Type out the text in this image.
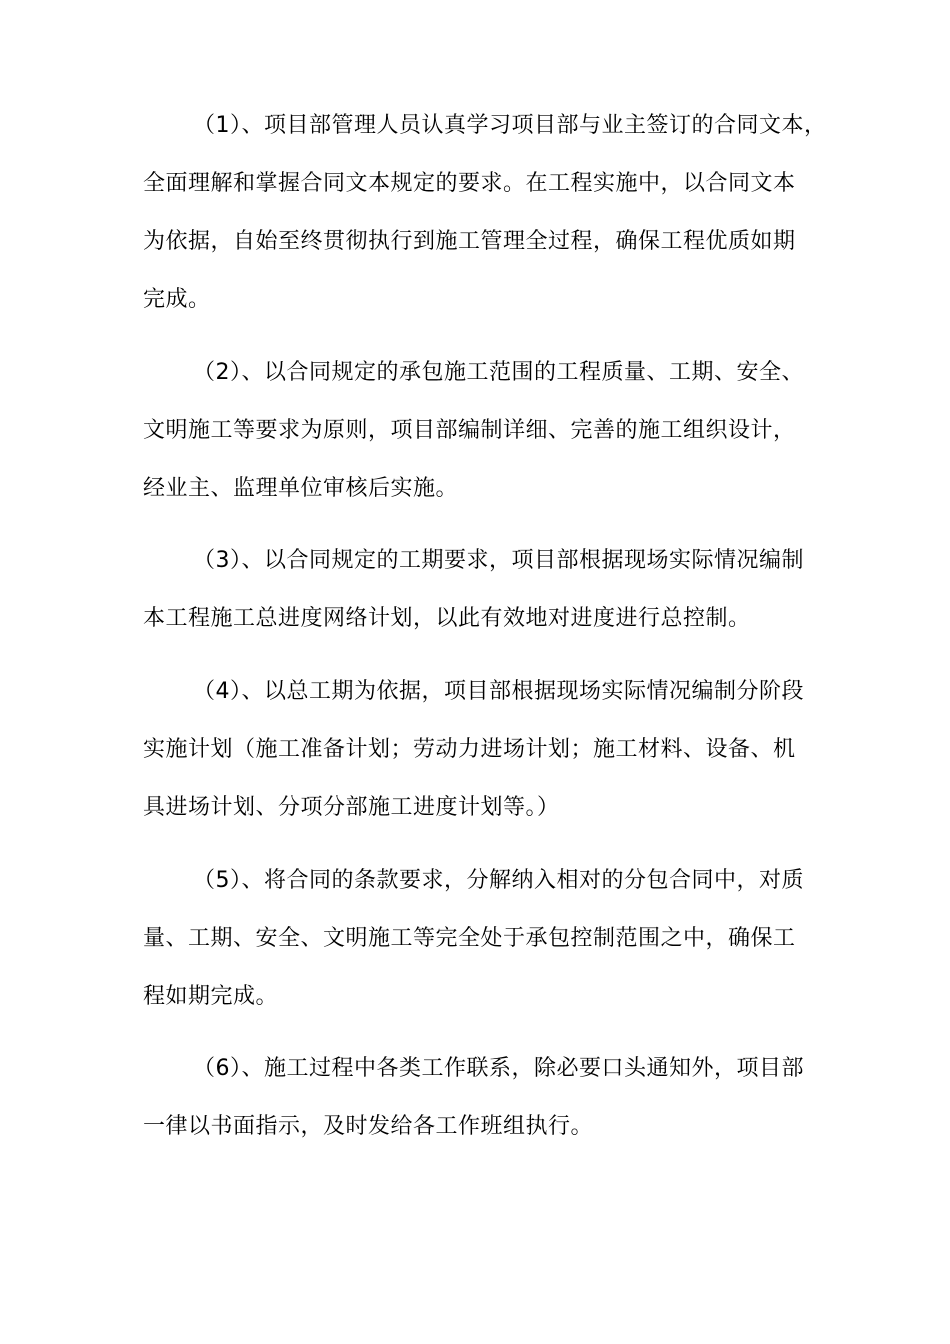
（1）、项目部管理人员认真学习项目部与业主签订的合同文本，
全面理解和掌握合同文本规定的要求。在工程实施中，以合同文本
为依据，自始至终贯彻执行到施工管理全过程，确保工程优质如期
完成。
（2）、以合同规定的承包施工范围的工程质量、工期、安全、
文明施工等要求为原则，项目部编制详细、完善的施工组织设计，
经业主、监理单位审核后实施。
（3）、以合同规定的工期要求，项目部根据现场实际情况编制
本工程施工总进度网络计划，以此有效地对进度进行总控制。
（4）、以总工期为依据，项目部根据现场实际情况编制分阶段
实施计划（施工准备计划；劳动力进场计划；施工材料、设备、机
具进场计划、分项分部施工进度计划等。）
（5）、将合同的条款要求，分解纳入相对的分包合同中，对质
量、工期、安全、文明施工等完全处于承包控制范围之中，确保工
程如期完成。
（6）、施工过程中各类工作联系，除必要口头通知外，项目部
一律以书面指示，及时发给各工作班组执行。
